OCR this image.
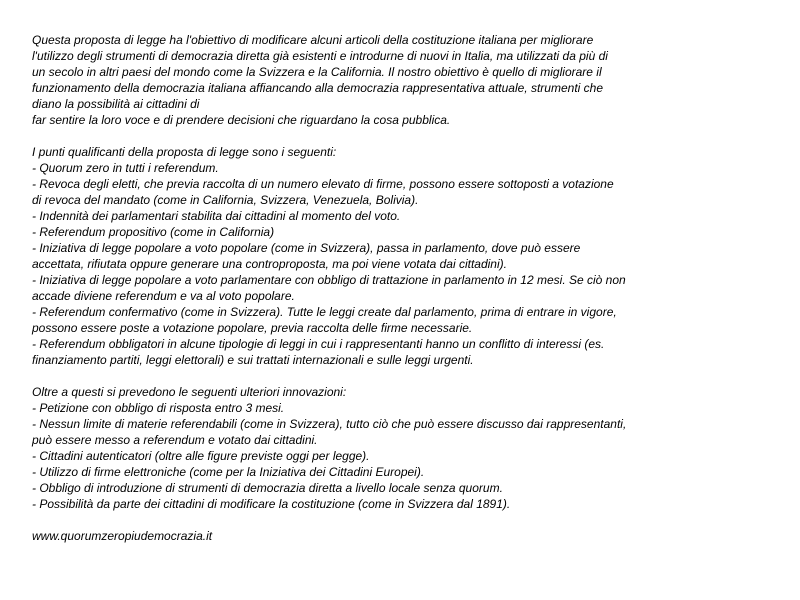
Questa proposta di legge ha l'obiettivo di modificare alcuni articoli della costituzione italiana per migliorare
l'utilizzo degli strumenti di democrazia diretta già esistenti e introdurne di nuovi in Italia, ma utilizzati da più di
un secolo in altri paesi del mondo come la Svizzera e la California. Il nostro obiettivo è quello di migliorare il
funzionamento della democrazia italiana affiancando alla democrazia rappresentativa attuale, strumenti che
diano la possibilità ai cittadini di
far sentire la loro voce e di prendere decisioni che riguardano la cosa pubblica.
I punti qualificanti della proposta di legge sono i seguenti:
- Quorum zero in tutti i referendum.
- Revoca degli eletti, che previa raccolta di un numero elevato di firme, possono essere sottoposti a votazione
di revoca del mandato (come in California, Svizzera, Venezuela, Bolivia).
- Indennità dei parlamentari stabilita dai cittadini al momento del voto.
- Referendum propositivo (come in California)
- Iniziativa di legge popolare a voto popolare (come in Svizzera), passa in parlamento, dove può essere
accettata, rifiutata oppure generare una controproposta, ma poi viene votata dai cittadini).
- Iniziativa di legge popolare a voto parlamentare con obbligo di trattazione in parlamento in 12 mesi. Se ciò non
accade diviene referendum e va al voto popolare.
- Referendum confermativo (come in Svizzera). Tutte le leggi create dal parlamento, prima di entrare in vigore,
possono essere poste a votazione popolare, previa raccolta delle firme necessarie.
- Referendum obbligatori in alcune tipologie di leggi in cui i rappresentanti hanno un conflitto di interessi (es.
finanziamento partiti, leggi elettorali) e sui trattati internazionali e sulle leggi urgenti.
Oltre a questi si prevedono le seguenti ulteriori innovazioni:
- Petizione con obbligo di risposta entro 3 mesi.
- Nessun limite di materie referendabili (come in Svizzera), tutto ciò che può essere discusso dai rappresentanti,
può essere messo a referendum e votato dai cittadini.
- Cittadini autenticatori (oltre alle figure previste oggi per legge).
- Utilizzo di firme elettroniche (come per la Iniziativa dei Cittadini Europei).
- Obbligo di introduzione di strumenti di democrazia diretta a livello locale senza quorum.
- Possibilità da parte dei cittadini di modificare la costituzione (come in Svizzera dal 1891).
www.quorumzeropiudemocrazia.it
